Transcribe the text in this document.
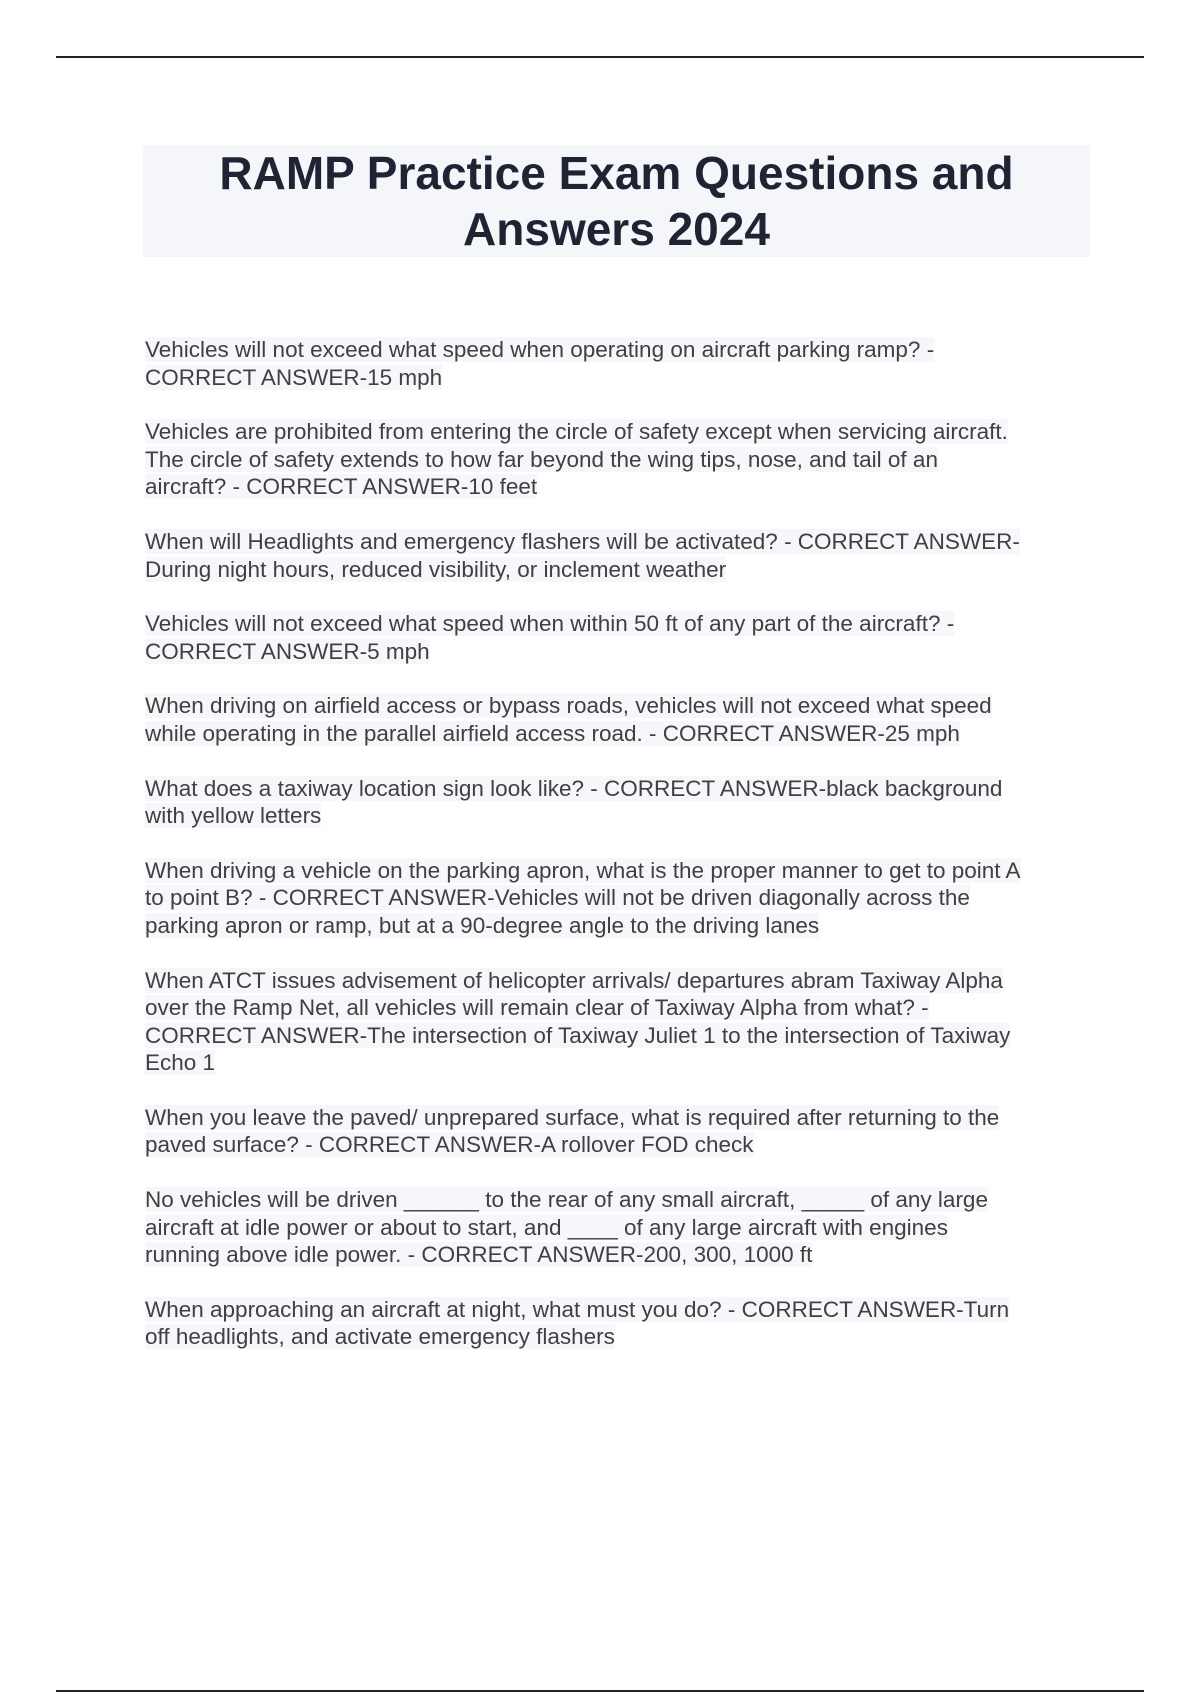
RAMP Practice Exam Questions and
Answers 2024

Vehicles will not exceed what speed when operating on aircraft parking ramp? -
CORRECT ANSWER-15 mph

Vehicles are prohibited from entering the circle of safety except when servicing aircraft.
The circle of safety extends to how far beyond the wing tips, nose, and tail of an
aircraft? - CORRECT ANSWER-10 feet

When will Headlights and emergency flashers will be activated? - CORRECT ANSWER-
During night hours, reduced visibility, or inclement weather

Vehicles will not exceed what speed when within 50 ft of any part of the aircraft? -
CORRECT ANSWER-5 mph

When driving on airfield access or bypass roads, vehicles will not exceed what speed
while operating in the parallel airfield access road. - CORRECT ANSWER-25 mph

What does a taxiway location sign look like? - CORRECT ANSWER-black background
with yellow letters

When driving a vehicle on the parking apron, what is the proper manner to get to point A
to point B? - CORRECT ANSWER-Vehicles will not be driven diagonally across the
parking apron or ramp, but at a 90-degree angle to the driving lanes

When ATCT issues advisement of helicopter arrivals/ departures abram Taxiway Alpha
over the Ramp Net, all vehicles will remain clear of Taxiway Alpha from what? -
CORRECT ANSWER-The intersection of Taxiway Juliet 1 to the intersection of Taxiway
Echo 1

When you leave the paved/ unprepared surface, what is required after returning to the
paved surface? - CORRECT ANSWER-A rollover FOD check

No vehicles will be driven ______ to the rear of any small aircraft, _____ of any large
aircraft at idle power or about to start, and ____ of any large aircraft with engines
running above idle power. - CORRECT ANSWER-200, 300, 1000 ft

When approaching an aircraft at night, what must you do? - CORRECT ANSWER-Turn
off headlights, and activate emergency flashers
